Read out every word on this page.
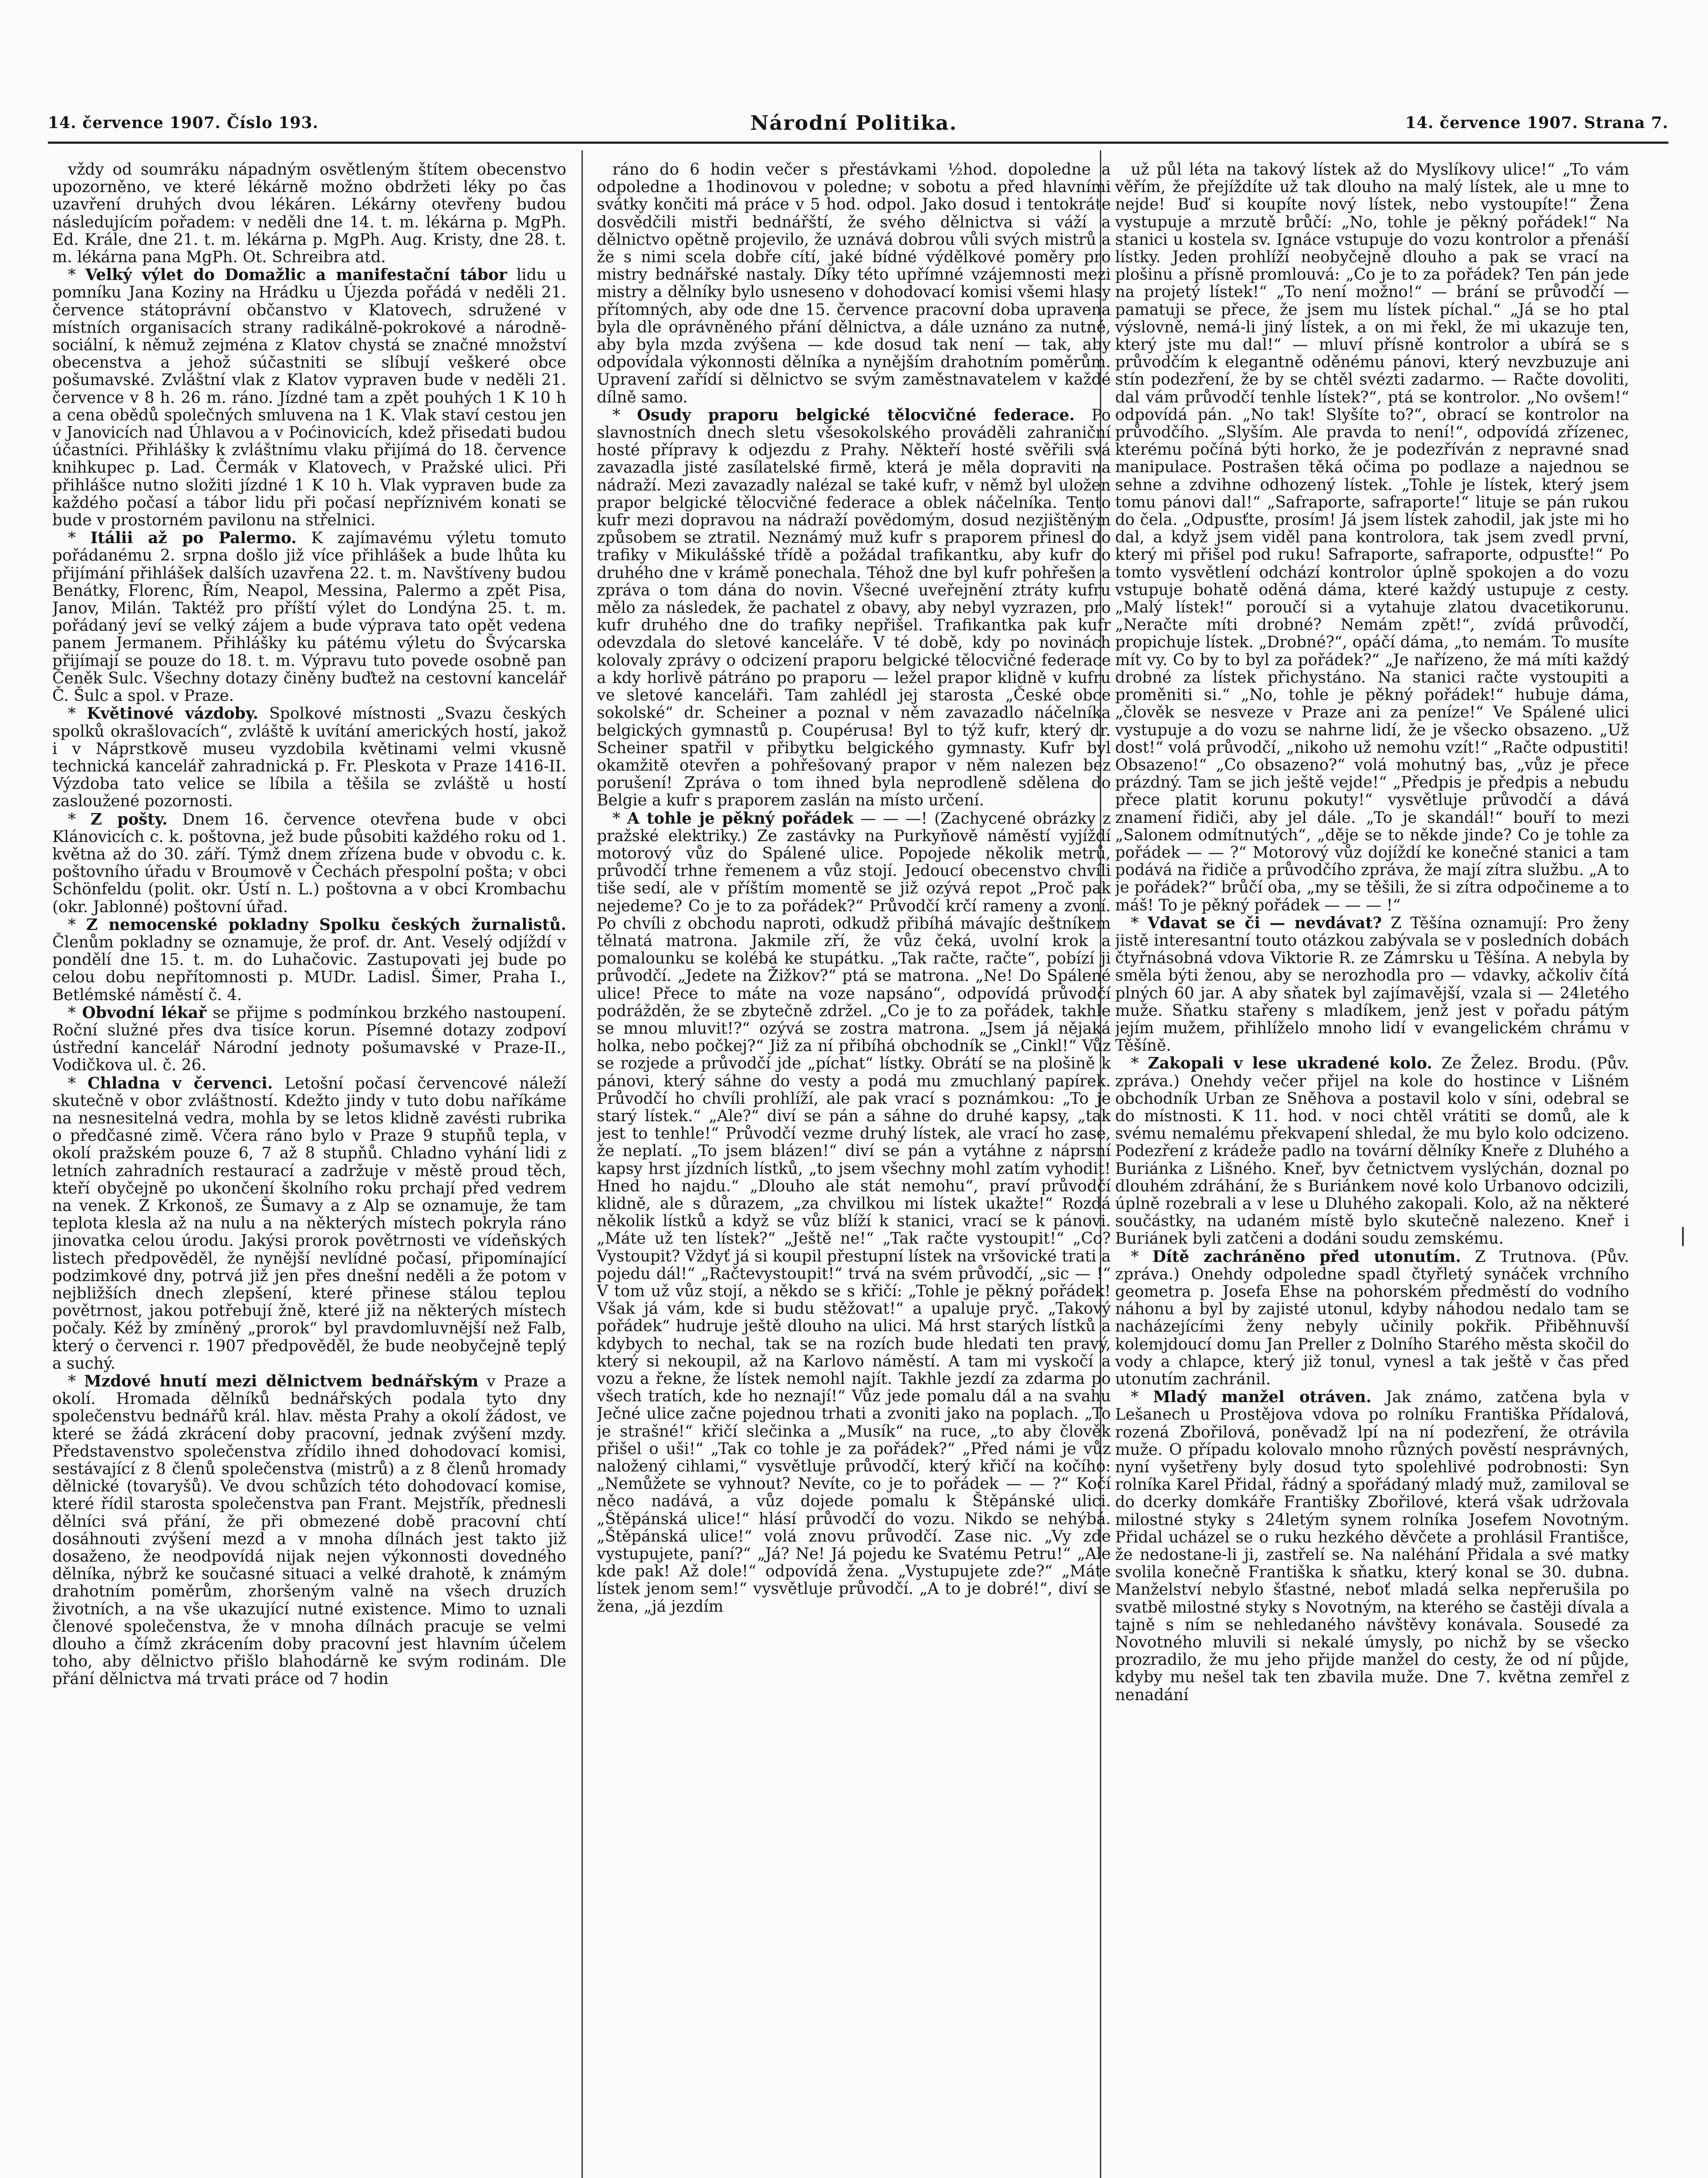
14. července 1907. Číslo 193.	Národní Politika.	14. července 1907. Strana 7.

vždy od soumráku nápadným osvětleným štítem obecenstvo upozorněno, ve které lékárně možno obdržeti léky po čas uzavření druhých dvou lékáren. Lékárny otevřeny budou následujícím pořadem: v neděli dne 14. t. m. lékárna p. MgPh. Ed. Krále, dne 21. t. m. lékárna p. MgPh. Aug. Kristy, dne 28. t. m. lékárna pana MgPh. Ot. Schreibra atd.

* Velký výlet do Domažlic a manifestační tábor lidu u pomníku Jana Koziny na Hrádku u Újezda pořádá v neděli 21. července státoprávní občanstvo v Klatovech, sdružené v místních organisacích strany radikálně-pokrokové a národně-sociální, k němuž zejména z Klatov chystá se značné množství obecenstva a jehož súčastniti se slíbují veškeré obce pošumavské. Zvláštní vlak z Klatov vypraven bude v neděli 21. července v 8 h. 26 m. ráno. Jízdné tam a zpět pouhých 1 K 10 h a cena obědů společných smluvena na 1 K. Vlak staví cestou jen v Janovicích nad Úhlavou a v Poćinovicích, kdež přisedati budou účastníci. Přihlášky k zvláštnímu vlaku přijímá do 18. července knihkupec p. Lad. Čermák v Klatovech, v Pražské ulici. Při přihlášce nutno složiti jízdné 1 K 10 h. Vlak vypraven bude za každého počasí a tábor lidu při počasí nepříznivém konati se bude v prostorném pavilonu na střelnici.

* Itálii až po Palermo. K zajímavému výletu tomuto pořádanému 2. srpna došlo již více přihlášek a bude lhůta ku přijímání přihlášek dalších uzavřena 22. t. m. Navštíveny budou Benátky, Florenc, Řím, Neapol, Messina, Palermo a zpět Pisa, Janov, Milán. Taktéž pro příští výlet do Londýna 25. t. m. pořádaný jeví se velký zájem a bude výprava tato opět vedena panem Jermanem. Přihlášky ku pátému výletu do Švýcarska přijímají se pouze do 18. t. m. Výpravu tuto povede osobně pan Čeněk Sulc. Všechny dotazy činěny buďtež na cestovní kancelář Č. Šulc a spol. v Praze.

* Květinové vázdoby. Spolkové místnosti „Svazu českých spolků okrašlovacích“, zvláště k uvítání amerických hostí, jakož i v Náprstkově museu vyzdobila květinami velmi vkusně technická kancelář zahradnická p. Fr. Pleskota v Praze 1416-II. Výzdoba tato velice se líbila a těšila se zvláště u hostí zasloužené pozornosti.

* Z pošty. Dnem 16. července otevřena bude v obci Klánovicích c. k. poštovna, jež bude působiti každého roku od 1. května až do 30. září. Týmž dnem zřízena bude v obvodu c. k. poštovního úřadu v Broumově v Čechách přespolní pošta; v obci Schönfeldu (polit. okr. Ústí n. L.) poštovna a v obci Krombachu (okr. Jablonné) poštovní úřad.

* Z nemocenské pokladny Spolku českých žurnalistů. Členům pokladny se oznamuje, že prof. dr. Ant. Veselý odjíždí v pondělí dne 15. t. m. do Luhačovic. Zastupovati jej bude po celou dobu nepřítomnosti p. MUDr. Ladisl. Šimer, Praha I., Betlémské náměstí č. 4.

* Obvodní lékař se přijme s podmínkou brzkého nastoupení. Roční služné přes dva tisíce korun. Písemné dotazy zodpoví ústřední kancelář Národní jednoty pošumavské v Praze-II., Vodičkova ul. č. 26.

* Chladna v červenci. Letošní počasí červencové náleží skutečně v obor zvláštností. Kdežto jindy v tuto dobu naříkáme na nesnesitelná vedra, mohla by se letos klidně zavésti rubrika o předčasné zimě. Včera ráno bylo v Praze 9 stupňů tepla, v okolí pražském pouze 6, 7 až 8 stupňů. Chladno vyhání lidi z letních zahradních restaurací a zadržuje v městě proud těch, kteří obyčejně po ukončení školního roku prchají před vedrem na venek. Z Krkonoš, ze Šumavy a z Alp se oznamuje, že tam teplota klesla až na nulu a na některých místech pokryla ráno jinovatka celou úrodu. Jakýsi prorok povětrnosti ve vídeňských listech předpověděl, že nynější nevlídné počasí, připomínající podzimkové dny, potrvá již jen přes dnešní neděli a že potom v nejbližších dnech zlepšení, které přinese stálou teplou povětrnost, jakou potřebují žně, které již na některých místech počaly. Kéž by zmíněný „prorok“ byl pravdomluvnější než Falb, který o červenci r. 1907 předpověděl, že bude neobyčejně teplý a suchý.

* Mzdové hnutí mezi dělnictvem bednářským v Praze a okolí. Hromada dělníků bednářských podala tyto dny společenstvu bednářů král. hlav. města Prahy a okolí žádost, ve které se žádá zkrácení doby pracovní, jednak zvýšení mzdy. Představenstvo společenstva zřídilo ihned dohodovací komisi, sestávající z 8 členů společenstva (mistrů) a z 8 členů hromady dělnické (tovaryšů). Ve dvou schůzích této dohodovací komise, které řídil starosta společenstva pan Frant. Mejstřík, přednesli dělníci svá přání, že při obmezené době pracovní chtí dosáhnouti zvýšení mezd a v mnoha dílnách jest takto již dosaženo, že neodpovídá nijak nejen výkonnosti dovedného dělníka, nýbrž ke současné situaci a velké drahotě, k známým drahotním poměrům, zhoršeným valně na všech druzích životních, a na vše ukazující nutné existence. Mimo to uznali členové společenstva, že v mnoha dílnách pracuje se velmi dlouho a čímž zkrácením doby pracovní jest hlavním účelem toho, aby dělnictvo přišlo blahodárně ke svým rodinám. Dle přání dělnictva má trvati práce od 7 hodin

ráno do 6 hodin večer s přestávkami ½hod. dopoledne a odpoledne a 1hodinovou v poledne; v sobotu a před hlavními svátky končiti má práce v 5 hod. odpol. Jako dosud i tentokráte dosvědčili mistři bednářští, že svého dělnictva si váží a dělnictvo opětně projevilo, že uznává dobrou vůli svých mistrů a že s nimi scela dobře cítí, jaké bídné výdělkové poměry pro mistry bednářské nastaly. Díky této upřímné vzájemnosti mezi mistry a dělníky bylo usneseno v dohodovací komisi všemi hlasy přítomných, aby ode dne 15. července pracovní doba upravena byla dle oprávněného přání dělnictva, a dále uznáno za nutné, aby byla mzda zvýšena — kde dosud tak není — tak, aby odpovídala výkonnosti dělníka a nynějším drahotním poměrům. Upravení zařídí si dělnictvo se svým zaměstnavatelem v každé dílně samo.

* Osudy praporu belgické tělocvičné federace. Po slavnostních dnech sletu všesokolského prováděli zahraniční hosté přípravy k odjezdu z Prahy. Někteří hosté svěřili svá zavazadla jisté zasílatelské firmě, která je měla dopraviti na nádraží. Mezi zavazadly nalézal se také kufr, v němž byl uložen prapor belgické tělocvičné federace a oblek náčelníka. Tento kufr mezi dopravou na nádraží povědomým, dosud nezjištěným způsobem se ztratil. Neznámý muž kufr s praporem přinesl do trafiky v Mikulášské třídě a požádal trafikantku, aby kufr do druhého dne v krámě ponechala. Téhož dne byl kufr pohřešen a zpráva o tom dána do novin. Všecné uveřejnění ztráty kufru mělo za následek, že pachatel z obavy, aby nebyl vyzrazen, pro kufr druhého dne do trafiky nepřišel. Trafikantka pak kufr odevzdala do sletové kanceláře. V té době, kdy po novinách kolovaly zprávy o odcizení praporu belgické tělocvičné federace a kdy horlivě pátráno po praporu — ležel prapor klidně v kufru ve sletové kanceláři. Tam zahlédl jej starosta „České obce sokolské“ dr. Scheiner a poznal v něm zavazadlo náčelníka belgických gymnastů p. Coupérusa! Byl to týž kufr, který dr. Scheiner spatřil v přibytku belgického gymnasty. Kufr byl okamžitě otevřen a pohřešovaný prapor v něm nalezen bez porušení! Zpráva o tom ihned byla neprodleně sdělena do Belgie a kufr s praporem zaslán na místo určení.

* A tohle je pěkný pořádek — — —! (Zachycené obrázky z pražské elektriky.) Ze zastávky na Purkyňově náměstí vyjíždí motorový vůz do Spálené ulice. Popojede několik metrů, průvodčí trhne řemenem a vůz stojí. Jedoucí obecenstvo chvíli tiše sedí, ale v příštím momentě se již ozývá repot „Proč pak nejedeme? Co je to za pořádek?“ Průvodčí krčí rameny a zvoní. Po chvíli z obchodu naproti, odkudž přibíhá mávajíc deštníkem tělnatá matrona. Jakmile zří, že vůz čeká, uvolní krok a pomalounku se kolébá ke stupátku. „Tak račte, račte“, pobízí ji průvodčí. „Jedete na Žižkov?“ ptá se matrona. „Ne! Do Spálené ulice! Přece to máte na voze napsáno“, odpovídá průvodčí podrážděn, že se zbytečně zdržel. „Co je to za pořádek, takhle se mnou mluvit!?“ ozývá se zostra matrona. „Jsem já nějaká holka, nebo počkej?“ Již za ní přibíhá obchodník se „Cinkl!“ Vůz se rozjede a průvodčí jde „píchat“ lístky. Obrátí se na plošině k pánovi, který sáhne do vesty a podá mu zmuchlaný papírek. Průvodčí ho chvíli prohlíží, ale pak vrací s poznámkou: „To je starý lístek.“ „Ale?“ diví se pán a sáhne do druhé kapsy, „tak jest to tenhle!“ Průvodčí vezme druhý lístek, ale vrací ho zase, že neplatí. „To jsem blázen!“ diví se pán a vytáhne z náprsní kapsy hrst jízdních lístků, „to jsem všechny mohl zatím vyhodit! Hned ho najdu.“ „Dlouho ale stát nemohu“, praví průvodčí klidně, ale s důrazem, „za chvilkou mi lístek ukažte!“ Rozdá několik lístků a když se vůz blíží k stanici, vrací se k pánovi. „Máte už ten lístek?“ „Ještě ne!“ „Tak račte vystoupit!“ „Co? Vystoupit? Vždyť já si koupil přestupní lístek na vršovické trati a pojedu dál!“ „Račtevystoupit!“ trvá na svém průvodčí, „sic — !“ V tom už vůz stojí, a někdo se s křičí: „Tohle je pěkný pořádek! Však já vám, kde si budu stěžovat!“ a upaluje pryč. „Takový pořádek“ hudruje ještě dlouho na ulici. Má hrst starých lístků a kdybych to nechal, tak se na rozích bude hledati ten pravý, který si nekoupil, až na Karlovo náměstí. A tam mi vyskočí a vozu a řekne, že lístek nemohl najít. Takhle jezdí za zdarma po všech tratích, kde ho neznají!“ Vůz jede pomalu dál a na svahu Ječné ulice začne pojednou trhati a zvoniti jako na poplach. „To je strašné!“ křičí slečinka a „Musík“ na ruce, „to aby člověk přišel o uši!“ „Tak co tohle je za pořádek?“ „Před námi je vůz naložený cihlami,“ vysvětluje průvodčí, který křičí na kočího: „Nemůžete se vyhnout? Nevíte, co je to pořádek — — ?“ Kočí něco nadává, a vůz dojede pomalu k Štěpánské ulici. „Štěpánská ulice!“ hlásí průvodčí do vozu. Nikdo se nehýbá. „Štěpánská ulice!“ volá znovu průvodčí. Zase nic. „Vy zde vystupujete, paní?“ „Já? Ne! Já pojedu ke Svatému Petru!“ „Ale kde pak! Až dole!“ odpovídá žena. „Vystupujete zde?“ „Máte lístek jenom sem!“ vysvětluje průvodčí. „A to je dobré!“, diví se žena, „já jezdím

už půl léta na takový lístek až do Myslíkovy ulice!“ „To vám věřím, že přejíždíte už tak dlouho na malý lístek, ale u mne to nejde! Buď si koupíte nový lístek, nebo vystoupíte!“ Žena vystupuje a mrzutě brůčí: „No, tohle je pěkný pořádek!“ Na stanici u kostela sv. Ignáce vstupuje do vozu kontrolor a přenáší lístky. Jeden prohlíží neobyčejně dlouho a pak se vrací na plošinu a přísně promlouvá: „Co je to za pořádek? Ten pán jede na projetý lístek!“ „To není možno!“ — brání se průvodčí — pamatuji se přece, že jsem mu lístek píchal.“ „Já se ho ptal výslovně, nemá-li jiný lístek, a on mi řekl, že mi ukazuje ten, který jste mu dal!“ — mluví přísně kontrolor a ubírá se s průvodčím k elegantně oděnému pánovi, který nevzbuzuje ani stín podezření, že by se chtěl svézti zadarmo. — Račte dovoliti, dal vám průvodčí tenhle lístek?“, ptá se kontrolor. „No ovšem!“ odpovídá pán. „No tak! Slyšíte to?“, obrací se kontrolor na průvodčího. „Slyším. Ale pravda to není!“, odpovídá zřízenec, kterému počíná býti horko, že je podezříván z nepravné snad manipulace. Postrašen těká očima po podlaze a najednou se sehne a zdvihne odhozený lístek. „Tohle je lístek, který jsem tomu pánovi dal!“ „Safraporte, safraporte!“ lituje se pán rukou do čela. „Odpusťte, prosím! Já jsem lístek zahodil, jak jste mi ho dal, a když jsem viděl pana kontrolora, tak jsem zvedl první, který mi přišel pod ruku! Safraporte, safraporte, odpusťte!“ Po tomto vysvětlení odchází kontrolor úplně spokojen a do vozu vstupuje bohatě oděná dáma, které každý ustupuje z cesty. „Malý lístek!“ poroučí si a vytahuje zlatou dvacetikorunu. „Neračte míti drobné? Nemám zpět!“, zvídá průvodčí, propichuje lístek. „Drobné?“, opáčí dáma, „to nemám. To musíte mít vy. Co by to byl za pořádek?“ „Je nařízeno, že má míti každý drobné za lístek přichystáno. Na stanici račte vystoupiti a proměniti si.“ „No, tohle je pěkný pořádek!“ hubuje dáma, „člověk se nesveze v Praze ani za peníze!“ Ve Spálené ulici vystupuje a do vozu se nahrne lidí, že je všecko obsazeno. „Už dost!“ volá průvodčí, „nikoho už nemohu vzít!“ „Račte odpustiti! Obsazeno!“ „Co obsazeno?“ volá mohutný bas, „vůz je přece prázdný. Tam se jich ještě vejde!“ „Předpis je předpis a nebudu přece platit korunu pokuty!“ vysvětluje průvodčí a dává znamení řidiči, aby jel dále. „To je skandál!“ bouří to mezi „Salonem odmítnutých“, „děje se to někde jinde? Co je tohle za pořádek — — ?“ Motorový vůz dojíždí ke konečné stanici a tam podává na řidiče a průvodčího zpráva, že mají zítra službu. „A to je pořádek?“ brůčí oba, „my se těšili, že si zítra odpočineme a to máš! To je pěkný pořádek — — — !“

* Vdavat se či — nevdávat? Z Těšína oznamují: Pro ženy jistě interesantní touto otázkou zabývala se v posledních dobách čtyřnásobná vdova Viktorie R. ze Zámrsku u Těšína. A nebyla by směla býti ženou, aby se nerozhodla pro — vdavky, ačkoliv čítá plných 60 jar. A aby sňatek byl zajímavější, vzala si — 24letého muže. Sňatku stařeny s mladíkem, jenž jest v pořadu pátým jejím mužem, přihlíželo mnoho lidí v evangelickém chrámu v Těšíně.

* Zakopali v lese ukradené kolo. Ze Želez. Brodu. (Pův. zpráva.) Onehdy večer přijel na kole do hostince v Lišném obchodník Urban ze Sněhova a postavil kolo v síni, odebral se do místnosti. K 11. hod. v noci chtěl vrátiti se domů, ale k svému nemalému překvapení shledal, že mu bylo kolo odcizeno. Podezření z krádeže padlo na tovární dělníky Kneře z Dluhého a Buriánka z Lišného. Kneř, byv četnictvem vyslýchán, doznal po dlouhém zdráhání, že s Buriánkem nové kolo Urbanovo odcizili, úplně rozebrali a v lese u Dluhého zakopali. Kolo, až na některé součástky, na udaném místě bylo skutečně nalezeno. Kneř i Buriánek byli zatčeni a dodáni soudu zemskému.

* Dítě zachráněno před utonutím. Z Trutnova. (Pův. zpráva.) Onehdy odpoledne spadl čtyřletý synáček vrchního geometra p. Josefa Ehse na pohorském předměstí do vodního náhonu a byl by zajisté utonul, kdyby náhodou nedalo tam se nacházejícími ženy nebyly učinily pokřik. Přiběhnuvší kolemjdoucí domu Jan Preller z Dolního Starého města skočil do vody a chlapce, který již tonul, vynesl a tak ještě v čas před utonutím zachránil.

* Mladý manžel otráven. Jak známo, zatčena byla v Lešanech u Prostějova vdova po rolníku Františka Přídalová, rozená Zbořilová, poněvadž lpí na ní podezření, že otrávila muže. O případu kolovalo mnoho různých pověstí nesprávných, nyní vyšetřeny byly dosud tyto spolehlivé podrobnosti: Syn rolníka Karel Přidal, řádný a spořádaný mladý muž, zamiloval se do dcerky domkáře Františky Zbořilové, která však udržovala milostné styky s 24letým synem rolníka Josefem Novotným. Přidal ucházel se o ruku hezkého děvčete a prohlásil Františce, že nedostane-li ji, zastřelí se. Na naléhání Přidala a své matky svolila konečně Františka k sňatku, který konal se 30. dubna. Manželství nebylo šťastné, neboť mladá selka nepřerušila po svatbě milostné styky s Novotným, na kterého se častěji dívala a tajně s ním se nehledaného návštěvy konávala. Sousedé za Novotného mluvili si nekalé úmysly, po nichž by se všecko prozradilo, že mu jeho přijde manžel do cesty, že od ní půjde, kdyby mu nešel tak ten zbavila muže. Dne 7. května zemřel z nenadání

❘
